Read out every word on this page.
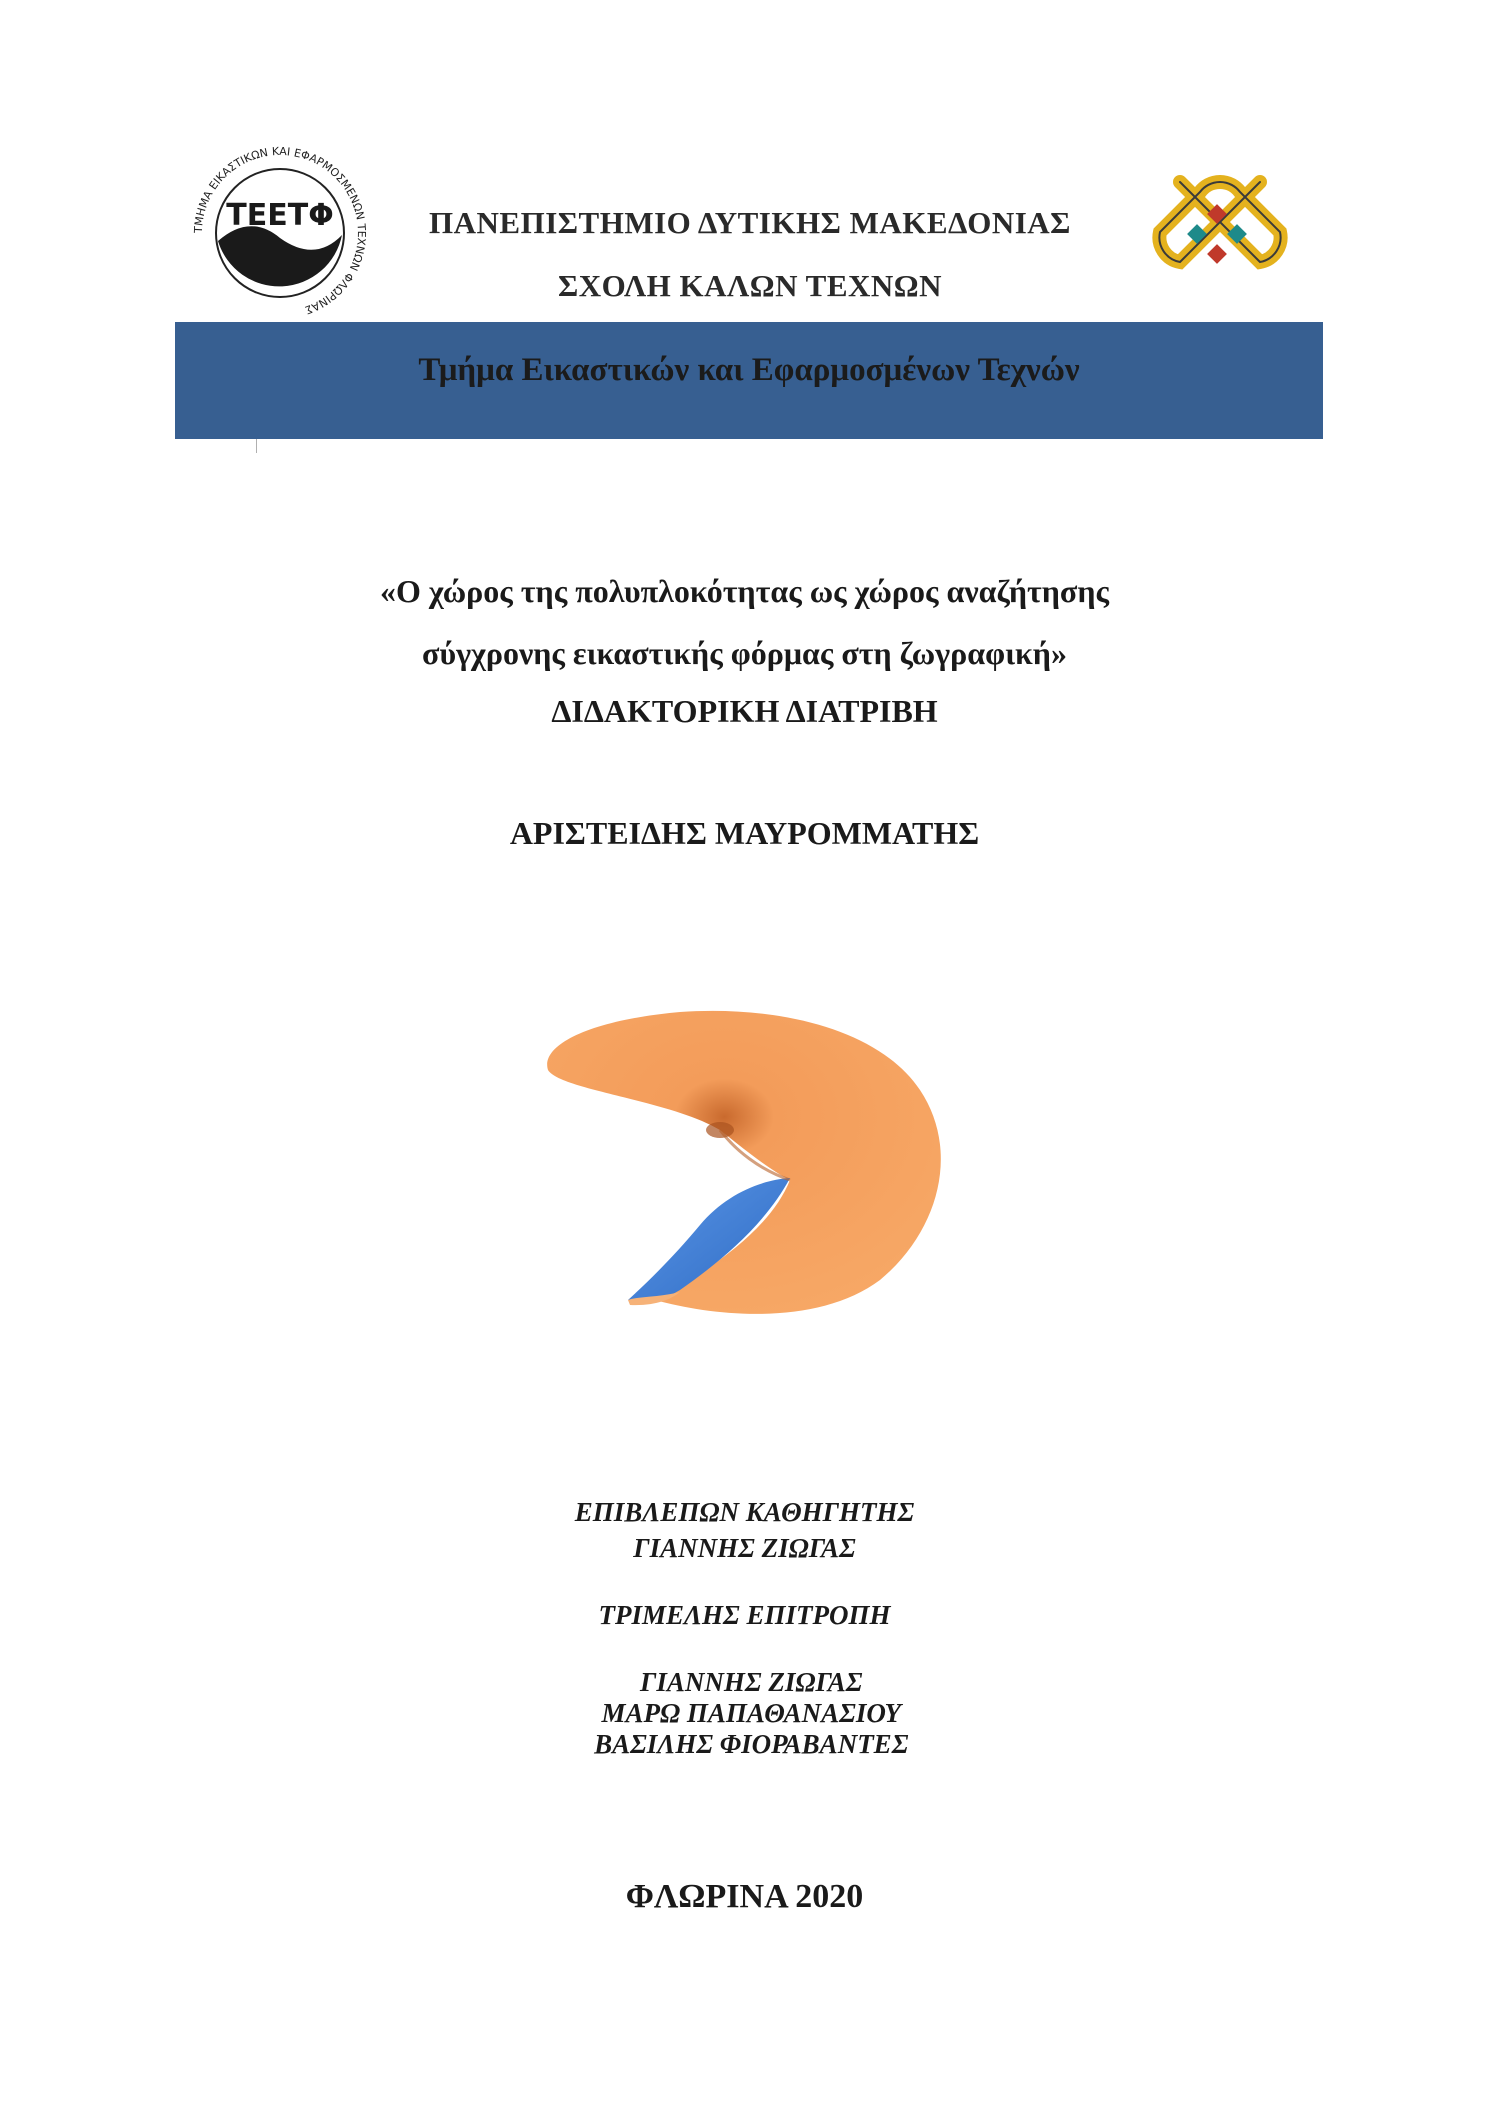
ΤΜΗΜΑ ΕΙΚΑΣΤΙΚΩΝ ΚΑΙ ΕΦΑΡΜΟΣΜΕΝΩΝ ΤΕΧΝΩΝ ΦΛΩΡΙΝΑΣ
ΤΕΕΤΦ	ΠΑΝΕΠΙΣΤΗΜΙΟ ΔΥΤΙΚΗΣ ΜΑΚΕΔΟΝΙΑΣ
ΣΧΟΛΗ ΚΑΛΩΝ ΤΕΧΝΩΝ
Τμήμα Εικαστικών και Εφαρμοσμένων Τεχνών
«Ο χώρος της πολυπλοκότητας ως χώρος αναζήτησης
σύγχρονης εικαστικής φόρμας στη ζωγραφική»
ΔΙΔΑΚΤΟΡΙΚΗ ΔΙΑΤΡΙΒΗ
ΑΡΙΣΤΕΙΔΗΣ ΜΑΥΡΟΜΜΑΤΗΣ
ΕΠΙΒΛΕΠΩΝ ΚΑΘΗΓΗΤΗΣ
ΓΙΑΝΝΗΣ ΖΙΩΓΑΣ
ΤΡΙΜΕΛΗΣ ΕΠΙΤΡΟΠΗ

ΓΙΑΝΝΗΣ ΖΙΩΓΑΣ
ΜΑΡΩ ΠΑΠΑΘΑΝΑΣΙΟΥ
ΒΑΣΙΛΗΣ ΦΙΟΡΑΒΑΝΤΕΣ

ΦΛΩΡΙΝΑ 2020
